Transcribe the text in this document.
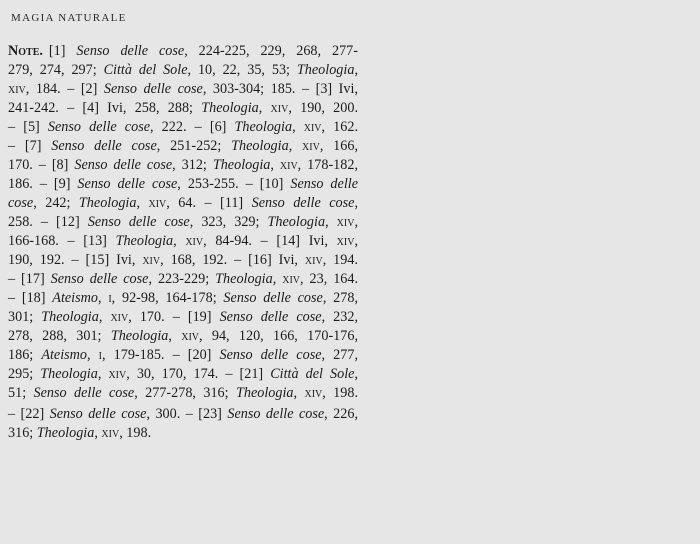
MAGIA NATURALE
Note. [1] Senso delle cose, 224-225, 229, 268, 277-
279, 274, 297; Città del Sole, 10, 22, 35, 53; Theologia,
xiv, 184. – [2] Senso delle cose, 303-304; 185. – [3] Ivi,
241-242. – [4] Ivi, 258, 288; Theologia, xiv, 190, 200.
– [5] Senso delle cose, 222. – [6] Theologia, xiv, 162.
– [7] Senso delle cose, 251-252; Theologia, xiv, 166,
170. – [8] Senso delle cose, 312; Theologia, xiv, 178-182,
186. – [9] Senso delle cose, 253-255. – [10] Senso delle
cose, 242; Theologia, xiv, 64. – [11] Senso delle cose,
258. – [12] Senso delle cose, 323, 329; Theologia, xiv,
166-168. – [13] Theologia, xiv, 84-94. – [14] Ivi, xiv,
190, 192. – [15] Ivi, xiv, 168, 192. – [16] Ivi, xiv, 194.
– [17] Senso delle cose, 223-229; Theologia, xiv, 23, 164.
– [18] Ateismo, i, 92-98, 164-178; Senso delle cose, 278,
301; Theologia, xiv, 170. – [19] Senso delle cose, 232,
278, 288, 301; Theologia, xiv, 94, 120, 166, 170-176,
186; Ateismo, i, 179-185. – [20] Senso delle cose, 277,
295; Theologia, xiv, 30, 170, 174. – [21] Città del Sole,
51; Senso delle cose, 277-278, 316; Theologia, xiv, 198.
– [22] Senso delle cose, 300. – [23] Senso delle cose, 226,
316; Theologia, xiv, 198.
